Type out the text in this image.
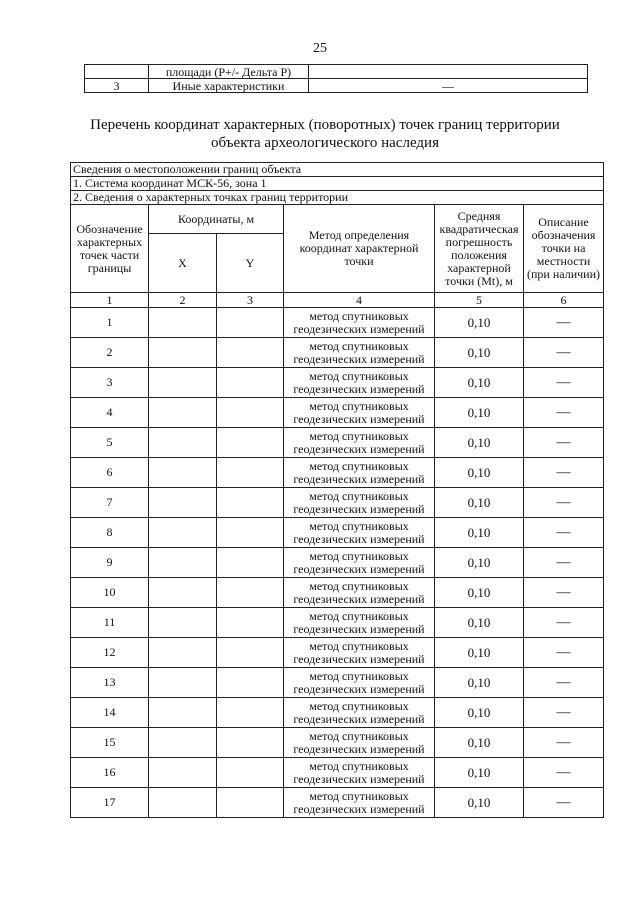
25
	площади (Р+/- Дельта Р)	
3	Иные характеристики	—
Перечень координат характерных (поворотных) точек границ территории
объекта археологического наследия
Сведения о местоположении границ объекта					
1. Система координат МСК-56, зона 1					
2. Сведения о характерных точках границ территории					
Обозначение характерных точек части границы	Координаты, м		Метод определения координат характерной точки	Средняя квадратическая погрешность положения характерной точки (Mt), м	Описание обозначения точки на местности (при наличии)
	X	Y			
1	2	3	4	5	6
1			метод спутниковых геодезических измерений	0,10	—
2			метод спутниковых геодезических измерений	0,10	—
3			метод спутниковых геодезических измерений	0,10	—
4			метод спутниковых геодезических измерений	0,10	—
5			метод спутниковых геодезических измерений	0,10	—
6			метод спутниковых геодезических измерений	0,10	—
7			метод спутниковых геодезических измерений	0,10	—
8			метод спутниковых геодезических измерений	0,10	—
9			метод спутниковых геодезических измерений	0,10	—
10			метод спутниковых геодезических измерений	0,10	—
11			метод спутниковых геодезических измерений	0,10	—
12			метод спутниковых геодезических измерений	0,10	—
13			метод спутниковых геодезических измерений	0,10	—
14			метод спутниковых геодезических измерений	0,10	—
15			метод спутниковых геодезических измерений	0,10	—
16			метод спутниковых геодезических измерений	0,10	—
17			метод спутниковых геодезических измерений	0,10	—
